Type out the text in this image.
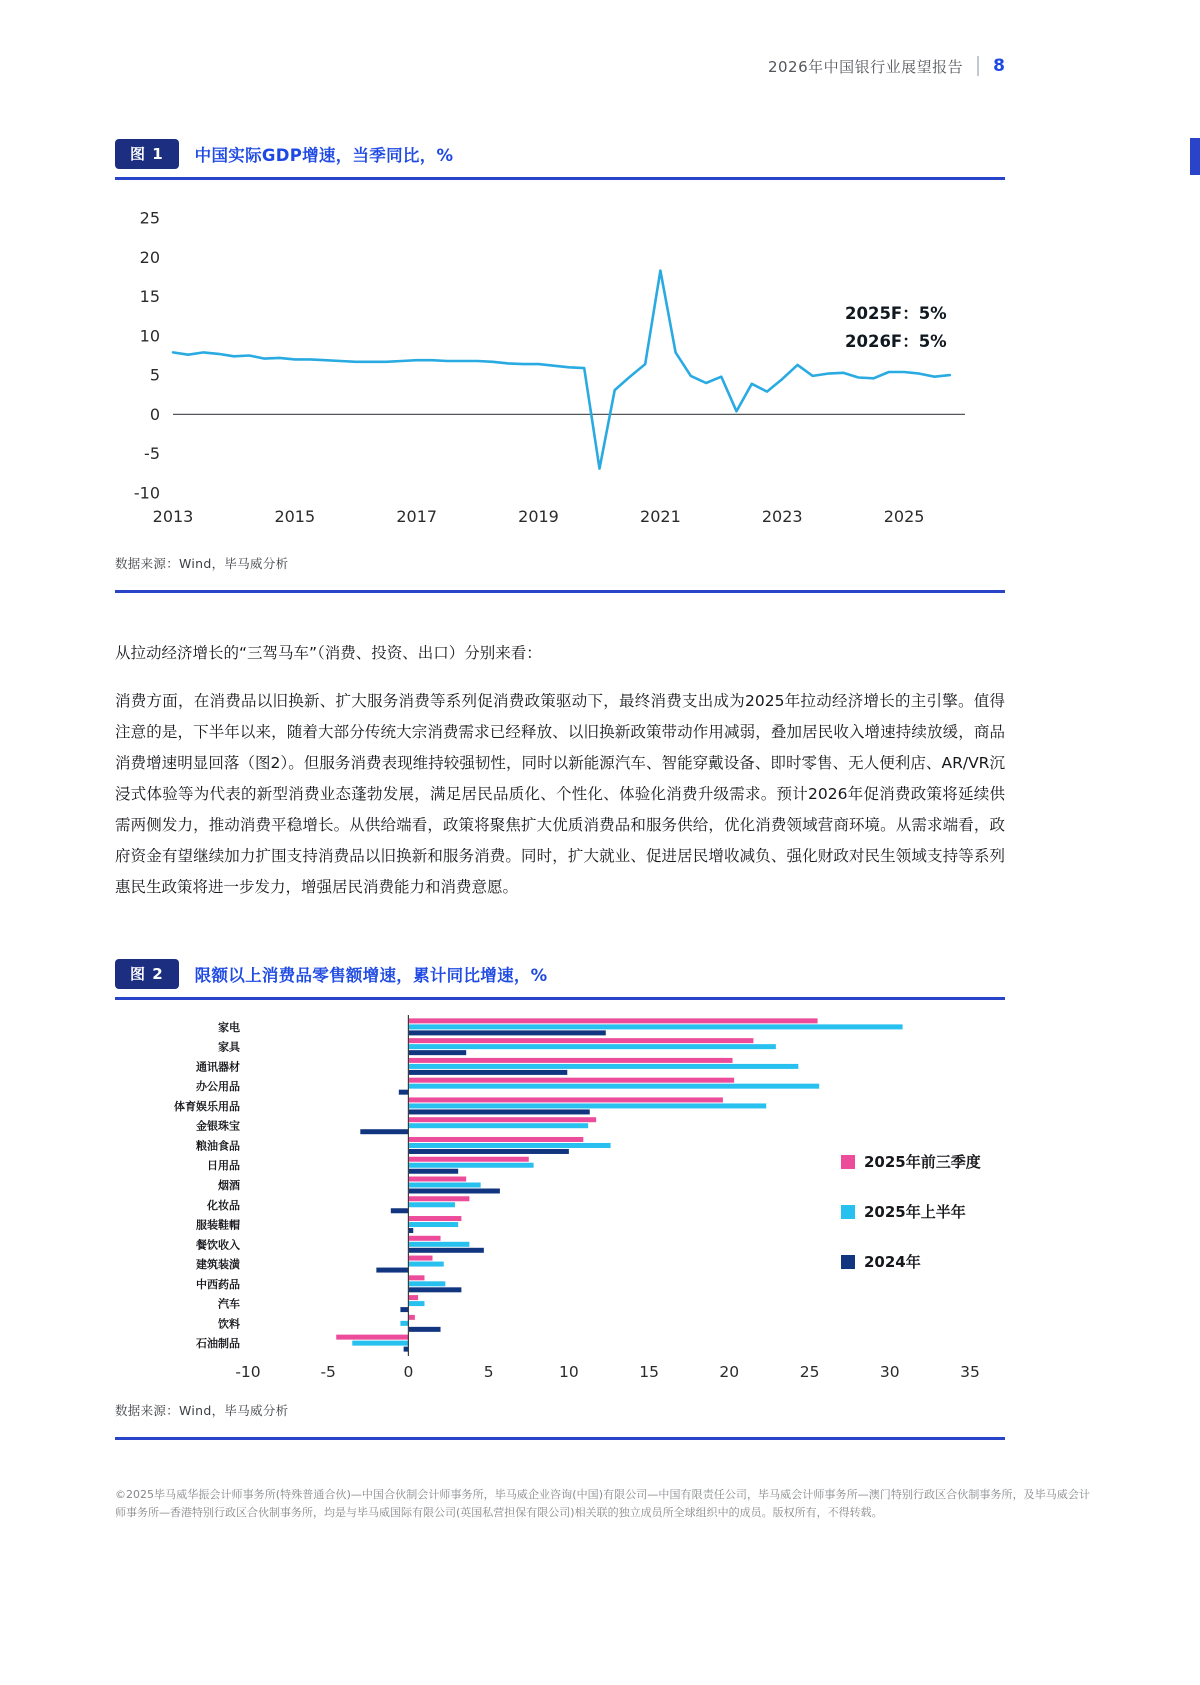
2026年中国银行业展望报告 8
图 1	中国实际GDP增速，当季同比，%
25
20
15
10
5
0
-5
-10
2013	2015	2017	2019	2021	2023	2025
2025F：5%
2026F：5%
数据来源：Wind，毕马威分析

从拉动经济增长的“三驾马车”（消费、投资、出口）分别来看：

消费方面，在消费品以旧换新、扩大服务消费等系列促消费政策驱动下，最终消费支出成为2025年拉动经济增长的主引擎。值得注意的是，下半年以来，随着大部分传统大宗消费需求已经释放、以旧换新政策带动作用减弱，叠加居民收入增速持续放缓，商品消费增速明显回落（图2）。但服务消费表现维持较强韧性，同时以新能源汽车、智能穿戴设备、即时零售、无人便利店、AR/VR沉浸式体验等为代表的新型消费业态蓬勃发展，满足居民品质化、个性化、体验化消费升级需求。预计2026年促消费政策将延续供需两侧发力，推动消费平稳增长。从供给端看，政策将聚焦扩大优质消费品和服务供给，优化消费领域营商环境。从需求端看，政府资金有望继续加力扩围支持消费品以旧换新和服务消费。同时，扩大就业、促进居民增收减负、强化财政对民生领域支持等系列惠民生政策将进一步发力，增强居民消费能力和消费意愿。

图 2	限额以上消费品零售额增速，累计同比增速，%
家电
家具
通讯器材
办公用品
体育娱乐用品
金银珠宝
粮油食品
日用品
烟酒
化妆品
服装鞋帽
餐饮收入
建筑装潢
中西药品
汽车
饮料
石油制品
-10	-5	0	5	10	15	20	25	30	35
2025年前三季度
2025年上半年
2024年
数据来源：Wind，毕马威分析
©2025毕马威华振会计师事务所(特殊普通合伙)—中国合伙制会计师事务所，毕马威企业咨询(中国)有限公司—中国有限责任公司，毕马威会计师事务所—澳门特别行政区合伙制事务所，及毕马威会计师事务所—香港特别行政区合伙制事务所，均是与毕马威国际有限公司(英国私营担保有限公司)相关联的独立成员所全球组织中的成员。版权所有，不得转载。
